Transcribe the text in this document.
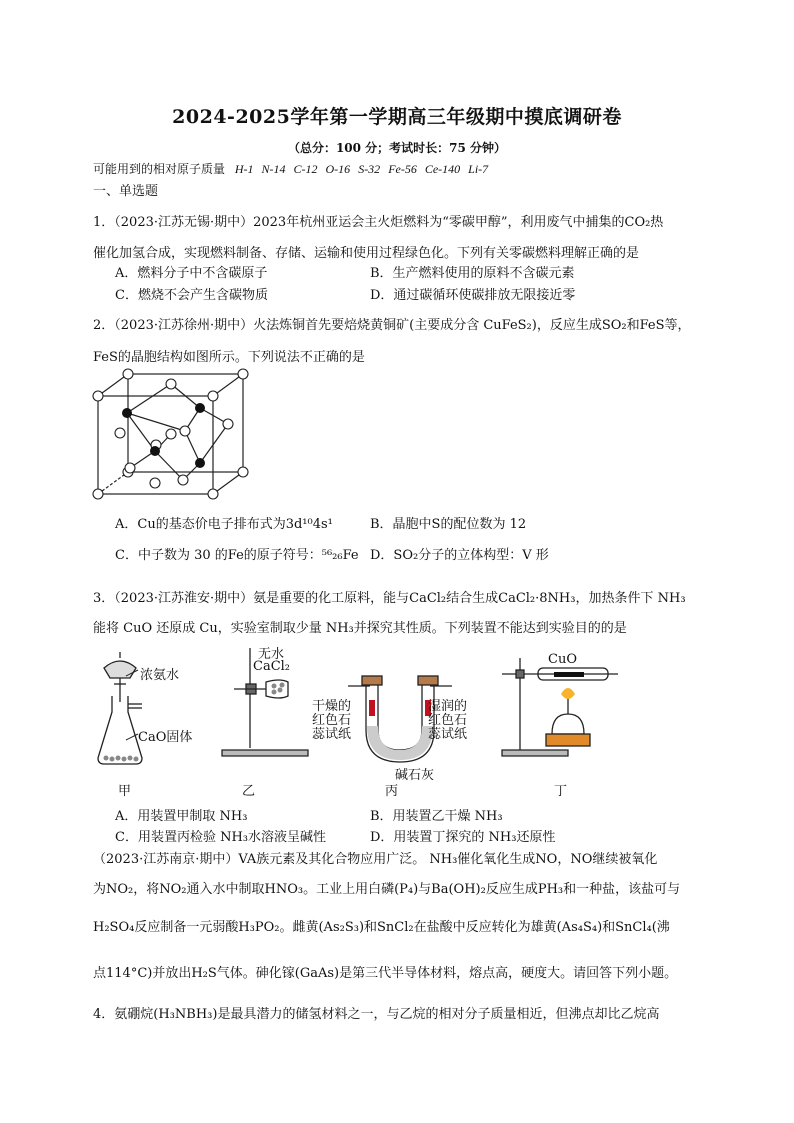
2024-2025学年第一学期高三年级期中摸底调研卷
（总分：100 分；考试时长：75 分钟）
可能用到的相对原子质量 H-1 N-14 C-12 O-16 S-32 Fe-56 Ce-140 Li-7
一、单选题
1．（2023·江苏无锡·期中）2023年杭州亚运会主火炬燃料为“零碳甲醇”，利用废气中捕集的CO₂热
催化加氢合成，实现燃料制备、存储、运输和使用过程绿色化。下列有关零碳燃料理解正确的是
A．燃料分子中不含碳原子	B．生产燃料使用的原料不含碳元素
C．燃烧不会产生含碳物质	D．通过碳循环使碳排放无限接近零
2．（2023·江苏徐州·期中）火法炼铜首先要焙烧黄铜矿(主要成分含 CuFeS₂)，反应生成SO₂和FeS等，
FeS的晶胞结构如图所示。下列说法不正确的是
A．Cu的基态价电子排布式为3d¹⁰4s¹	B．晶胞中S的配位数为 12
C．中子数为 30 的Fe的原子符号：⁵⁶₂₆Fe D．SO₂分子的立体构型：V 形
3．（2023·江苏淮安·期中）氨是重要的化工原料，能与CaCl₂结合生成CaCl₂·8NH₃，加热条件下 NH₃
能将 CuO 还原成 Cu，实验室制取少量 NH₃并探究其性质。下列装置不能达到实验目的的是
浓氨水
CaO固体
无水
CaCl₂
干燥的
红色石
蕊试纸
湿润的
红色石
蕊试纸
碱石灰
CuO
甲	乙	丙	丁
A．用装置甲制取 NH₃	B．用装置乙干燥 NH₃
C．用装置丙检验 NH₃水溶液呈碱性	D．用装置丁探究的 NH₃还原性
（2023·江苏南京·期中）VA族元素及其化合物应用广泛。 NH₃催化氧化生成NO，NO继续被氧化
为NO₂，将NO₂通入水中制取HNO₃。工业上用白磷(P₄)与Ba(OH)₂反应生成PH₃和一种盐，该盐可与
H₂SO₄反应制备一元弱酸H₃PO₂。雌黄(As₂S₃)和SnCl₂在盐酸中反应转化为雄黄(As₄S₄)和SnCl₄(沸
点114°C)并放出H₂S气体。砷化镓(GaAs)是第三代半导体材料，熔点高，硬度大。请回答下列小题。
4．氨硼烷(H₃NBH₃)是最具潜力的储氢材料之一，与乙烷的相对分子质量相近，但沸点却比乙烷高
